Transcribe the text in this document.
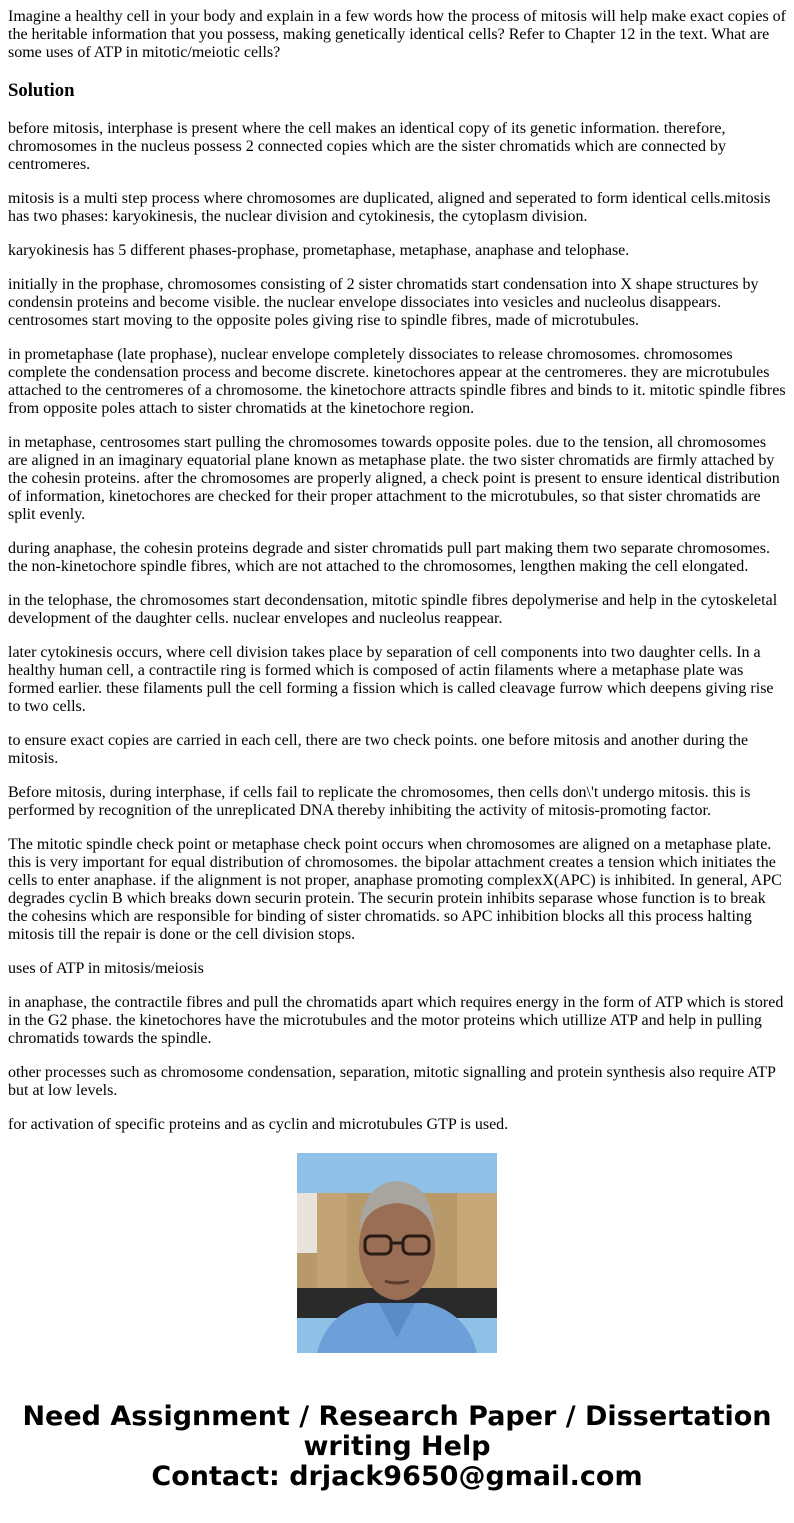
Imagine a healthy cell in your body and explain in a few words how the process of mitosis will help make exact copies of the heritable information that you possess, making genetically identical cells? Refer to Chapter 12 in the text. What are some uses of ATP in mitotic/meiotic cells?
Solution

before mitosis, interphase is present where the cell makes an identical copy of its genetic information. therefore, chromosomes in the nucleus possess 2 connected copies which are the sister chromatids which are connected by centromeres.

mitosis is a multi step process where chromosomes are duplicated, aligned and seperated to form identical cells.mitosis has two phases: karyokinesis, the nuclear division and cytokinesis, the cytoplasm division.

karyokinesis has 5 different phases-prophase, prometaphase, metaphase, anaphase and telophase.

initially in the prophase, chromosomes consisting of 2 sister chromatids start condensation into X shape structures by condensin proteins and become visible. the nuclear envelope dissociates into vesicles and nucleolus disappears. centrosomes start moving to the opposite poles giving rise to spindle fibres, made of microtubules.

in prometaphase (late prophase), nuclear envelope completely dissociates to release chromosomes. chromosomes complete the condensation process and become discrete. kinetochores appear at the centromeres. they are microtubules attached to the centromeres of a chromosome. the kinetochore attracts spindle fibres and binds to it. mitotic spindle fibres from opposite poles attach to sister chromatids at the kinetochore region.

in metaphase, centrosomes start pulling the chromosomes towards opposite poles. due to the tension, all chromosomes are aligned in an imaginary equatorial plane known as metaphase plate. the two sister chromatids are firmly attached by the cohesin proteins. after the chromosomes are properly aligned, a check point is present to ensure identical distribution of information, kinetochores are checked for their proper attachment to the microtubules, so that sister chromatids are split evenly.

during anaphase, the cohesin proteins degrade and sister chromatids pull part making them two separate chromosomes. the non-kinetochore spindle fibres, which are not attached to the chromosomes, lengthen making the cell elongated.

in the telophase, the chromosomes start decondensation, mitotic spindle fibres depolymerise and help in the cytoskeletal development of the daughter cells. nuclear envelopes and nucleolus reappear.

later cytokinesis occurs, where cell division takes place by separation of cell components into two daughter cells. In a healthy human cell, a contractile ring is formed which is composed of actin filaments where a metaphase plate was formed earlier. these filaments pull the cell forming a fission which is called cleavage furrow which deepens giving rise to two cells.

to ensure exact copies are carried in each cell, there are two check points. one before mitosis and another during the mitosis.

Before mitosis, during interphase, if cells fail to replicate the chromosomes, then cells don\'t undergo mitosis. this is performed by recognition of the unreplicated DNA thereby inhibiting the activity of mitosis-promoting factor.

The mitotic spindle check point or metaphase check point occurs when chromosomes are aligned on a metaphase plate. this is very important for equal distribution of chromosomes. the bipolar attachment creates a tension which initiates the cells to enter anaphase. if the alignment is not proper, anaphase promoting complexX(APC) is inhibited. In general, APC degrades cyclin B which breaks down securin protein. The securin protein inhibits separase whose function is to break the cohesins which are responsible for binding of sister chromatids. so APC inhibition blocks all this process halting mitosis till the repair is done or the cell division stops.

uses of ATP in mitosis/meiosis

in anaphase, the contractile fibres and pull the chromatids apart which requires energy in the form of ATP which is stored in the G2 phase. the kinetochores have the microtubules and the motor proteins which utillize ATP and help in pulling chromatids towards the spindle.

other processes such as chromosome condensation, separation, mitotic signalling and protein synthesis also require ATP but at low levels.

for activation of specific proteins and as cyclin and microtubules GTP is used.

Need Assignment / Research Paper / Dissertation
writing Help
Contact: drjack9650@gmail.com
